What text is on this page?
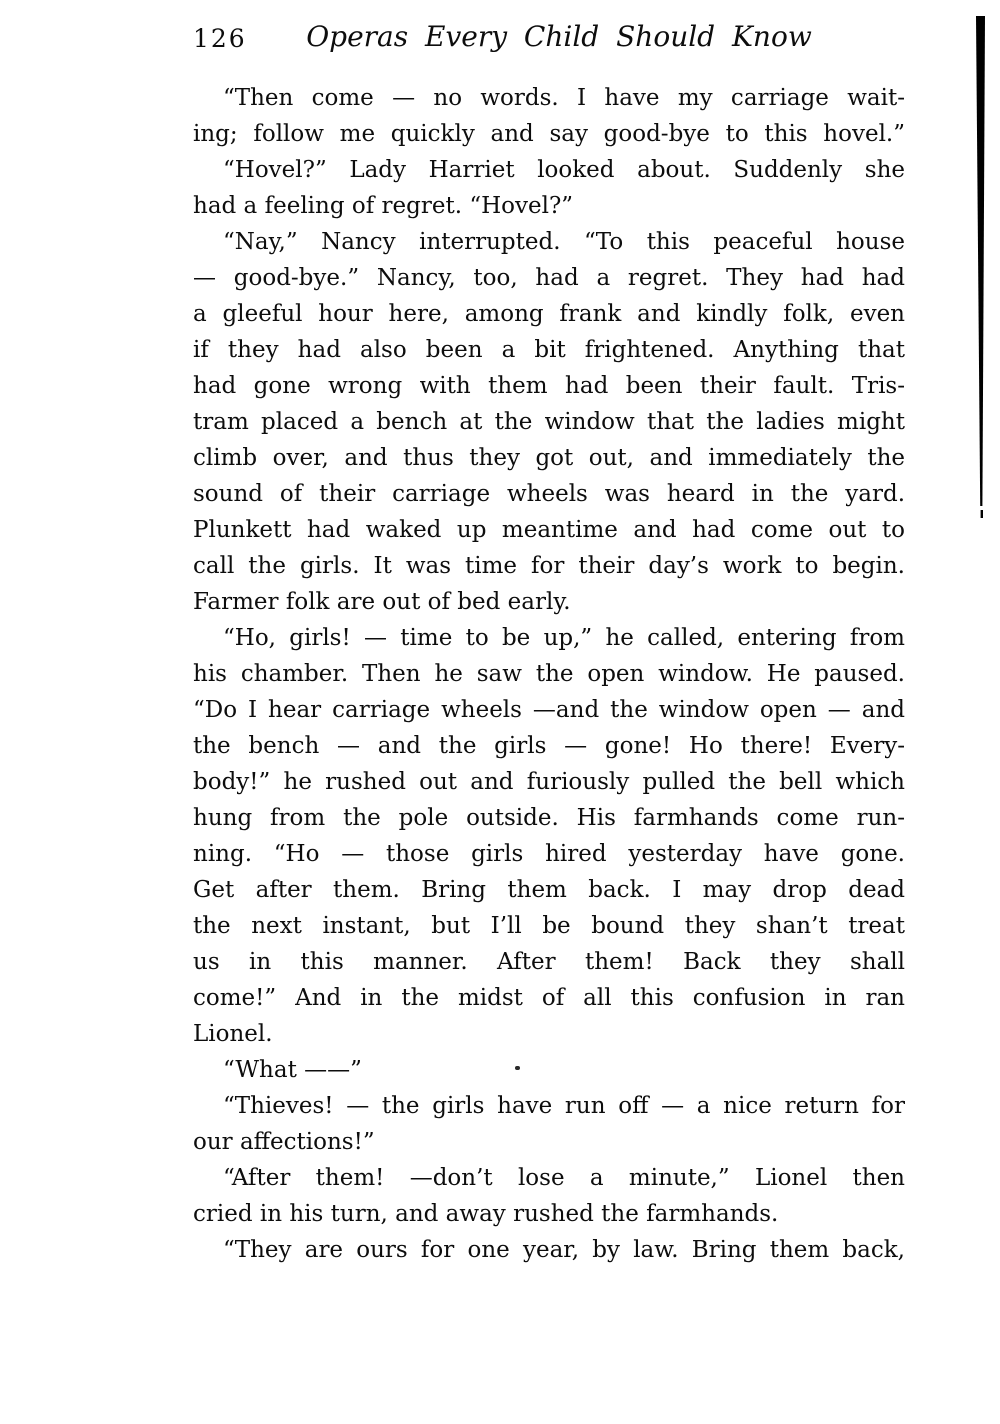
126	Operas Every Child Should Know
“Then come — no words. I have my carriage wait-
ing; follow me quickly and say good-bye to this hovel.”
“Hovel?” Lady Harriet looked about. Suddenly she
had a feeling of regret. “Hovel?”
“Nay,” Nancy interrupted. “To this peaceful house
— good-bye.” Nancy, too, had a regret. They had had
a gleeful hour here, among frank and kindly folk, even
if they had also been a bit frightened. Anything that
had gone wrong with them had been their fault. Tris-
tram placed a bench at the window that the ladies might
climb over, and thus they got out, and immediately the
sound of their carriage wheels was heard in the yard.
Plunkett had waked up meantime and had come out to
call the girls. It was time for their day’s work to begin.
Farmer folk are out of bed early.
“Ho, girls! — time to be up,” he called, entering from
his chamber. Then he saw the open window. He paused.
“Do I hear carriage wheels —and the window open — and
the bench — and the girls — gone! Ho there! Every-
body!” he rushed out and furiously pulled the bell which
hung from the pole outside. His farmhands come run-
ning. “Ho — those girls hired yesterday have gone.
Get after them. Bring them back. I may drop dead
the next instant, but I’ll be bound they shan’t treat
us in this manner. After them! Back they shall
come!” And in the midst of all this confusion in ran
Lionel.
“What ——”
“Thieves! — the girls have run off — a nice return for
our affections!”
“After them! —don’t lose a minute,” Lionel then
cried in his turn, and away rushed the farmhands.
“They are ours for one year, by law. Bring them back,
